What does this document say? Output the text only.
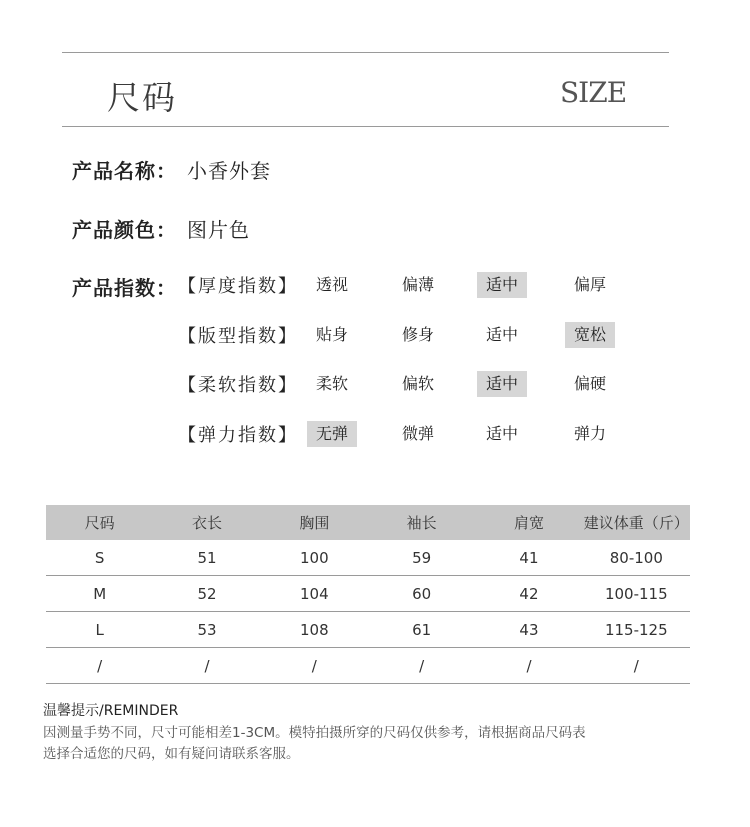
尺码	SIZE
产品名称： 小香外套
产品颜色： 图片色
产品指数： 【厚度指数】	透视	偏薄	适中	偏厚
【版型指数】	贴身	修身	适中	宽松
【柔软指数】	柔软	偏软	适中	偏硬
【弹力指数】	无弹	微弹	适中	弹力
尺码	衣长	胸围	袖长	肩宽	建议体重（斤）
S	51	100	59	41	80-100
M	52	104	60	42	100-115
L	53	108	61	43	115-125
/	/	/	/	/	/
温馨提示/REMINDER
因测量手势不同，尺寸可能相差1-3CM。模特拍摄所穿的尺码仅供参考，请根据商品尺码表
选择合适您的尺码，如有疑问请联系客服。
